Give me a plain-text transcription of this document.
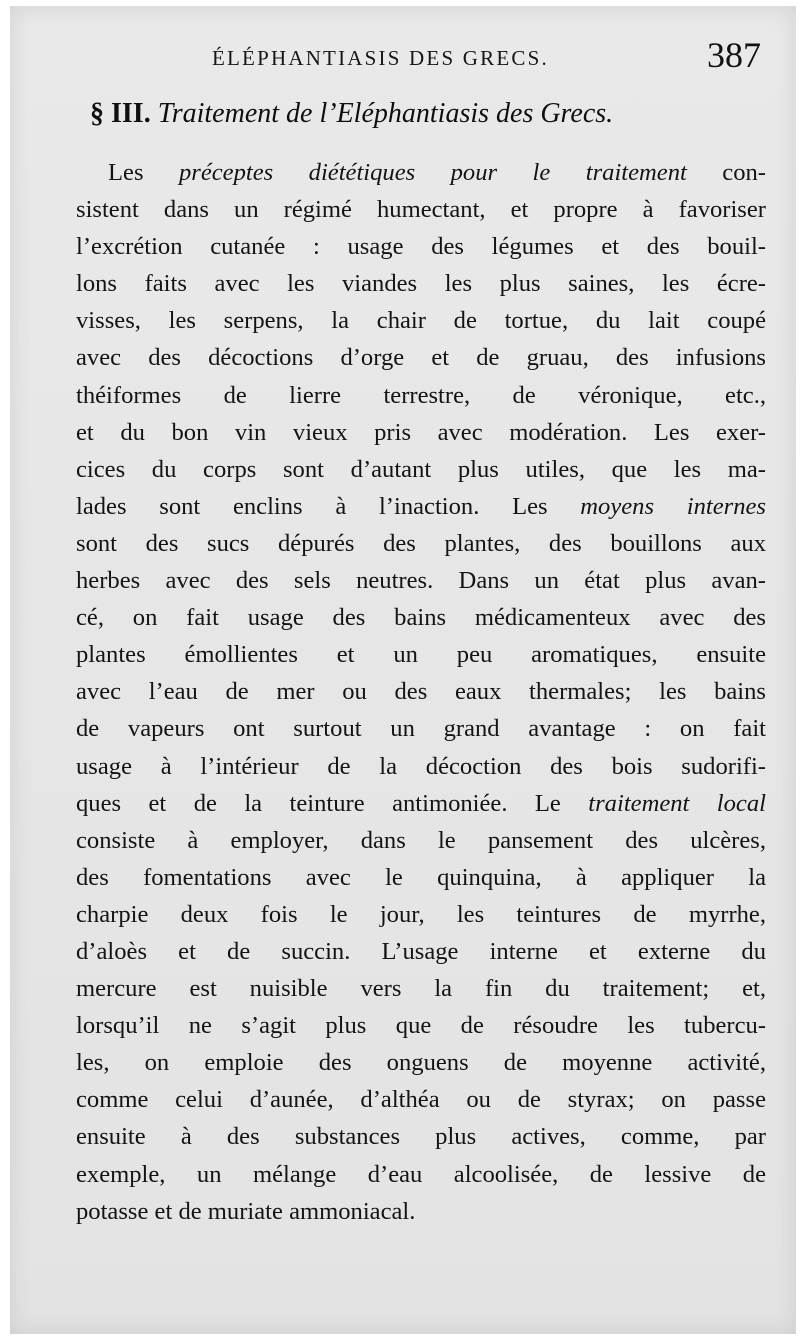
ÉLÉPHANTIASIS DES GRECS.	387
§ III. Traitement de l’Eléphantiasis des Grecs.
Les préceptes diététiques pour le traitement con-
sistent dans un régimé humectant, et propre à favoriser
l’excrétion cutanée : usage des légumes et des bouil-
lons faits avec les viandes les plus saines, les écre-
visses, les serpens, la chair de tortue, du lait coupé
avec des décoctions d’orge et de gruau, des infusions
théiformes de lierre terrestre, de véronique, etc.,
et du bon vin vieux pris avec modération. Les exer-
cices du corps sont d’autant plus utiles, que les ma-
lades sont enclins à l’inaction. Les moyens internes
sont des sucs dépurés des plantes, des bouillons aux
herbes avec des sels neutres. Dans un état plus avan-
cé, on fait usage des bains médicamenteux avec des
plantes émollientes et un peu aromatiques, ensuite
avec l’eau de mer ou des eaux thermales; les bains
de vapeurs ont surtout un grand avantage : on fait
usage à l’intérieur de la décoction des bois sudorifi-
ques et de la teinture antimoniée. Le traitement local
consiste à employer, dans le pansement des ulcères,
des fomentations avec le quinquina, à appliquer la
charpie deux fois le jour, les teintures de myrrhe,
d’aloès et de succin. L’usage interne et externe du
mercure est nuisible vers la fin du traitement; et,
lorsqu’il ne s’agit plus que de résoudre les tubercu-
les, on emploie des onguens de moyenne activité,
comme celui d’aunée, d’althéa ou de styrax; on passe
ensuite à des substances plus actives, comme, par
exemple, un mélange d’eau alcoolisée, de lessive de
potasse et de muriate ammoniacal.
